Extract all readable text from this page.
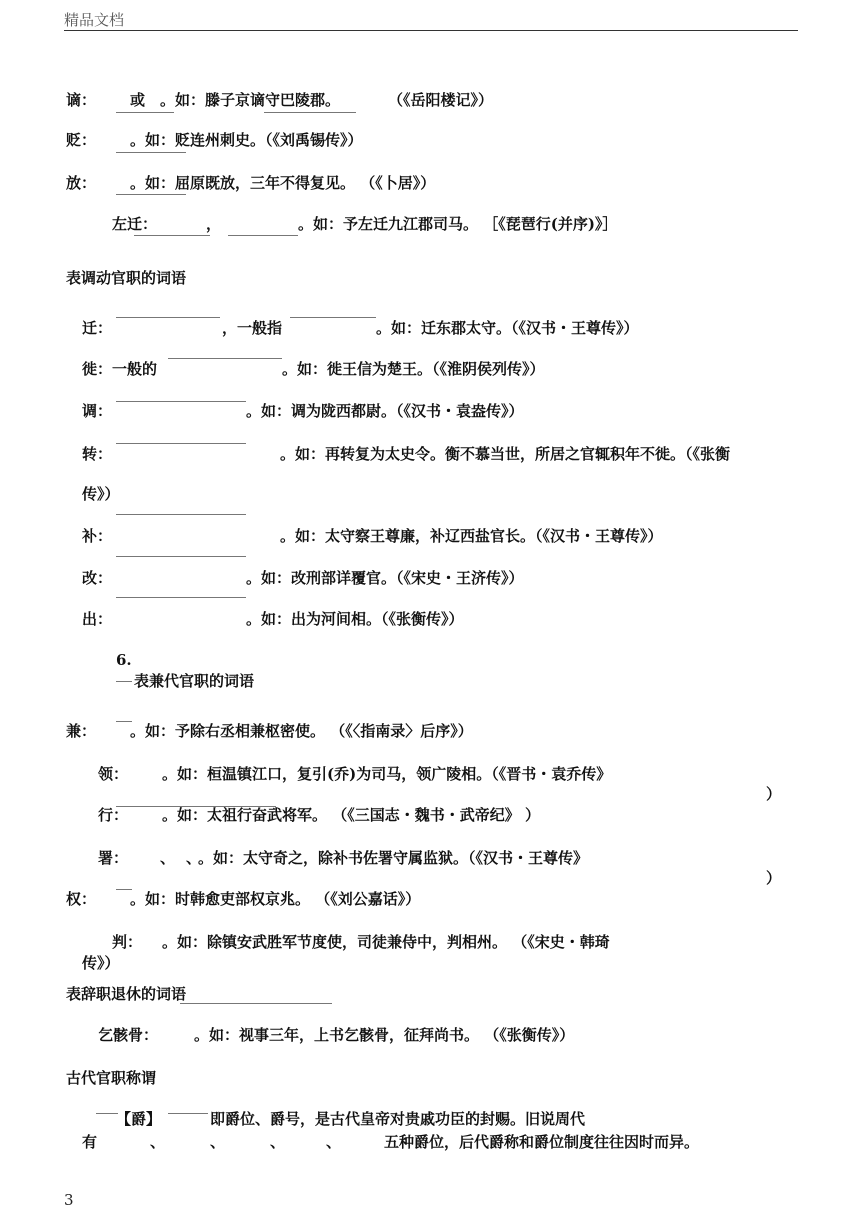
精品文档
谪： 或 。如：滕子京谪守巴陵郡。	（《岳阳楼记》）
贬： 。如：贬连州刺史。（《刘禹锡传》）
放： 。如：屈原既放，三年不得复见。 （《卜居》）
左迁：	，	。如：予左迁九江郡司马。 ［《琵琶行(并序)》］
表调动官职的词语
迁：	，一般指	。如：迁东郡太守。（《汉书・王尊传》）
徙：一般的	。如：徙王信为楚王。（《淮阴侯列传》）
调：	。如：调为陇西都尉。（《汉书・袁盎传》）
转：	。如：再转复为太史令。衡不慕当世，所居之官辄积年不徙。（《张衡
传》）
补：	。如：太守察王尊廉，补辽西盐官长。（《汉书・王尊传》）
改：	。如：改刑部详覆官。（《宋史・王济传》）
出：	。如：出为河间相。（《张衡传》）
6.
表兼代官职的词语
兼： 。如：予除右丞相兼枢密使。 （《〈指南录〉后序》）
领： 。如：桓温镇江口，复引(乔)为司马，领广陵相。（《晋书・袁乔传》
）
行： 。如：太祖行奋武将军。 （《三国志・魏书・武帝纪》 ）
署： 、 、
。如：太守奇之，除补书佐署守属监狱。（《汉书・王尊传》
）
权： 。如：时韩愈吏部权京兆。 （《刘公嘉话》）
判： 。如：除镇安武胜军节度使，司徒兼侍中，判相州。 （《宋史・韩琦
传》）
表辞职退休的词语
乞骸骨： 。如：视事三年，上书乞骸骨，征拜尚书。 （《张衡传》）
古代官职称谓
【爵】	即爵位、爵号，是古代皇帝对贵戚功臣的封赐。旧说周代
有	、	、	、	、	五种爵位，后代爵称和爵位制度往往因时而异。
3
